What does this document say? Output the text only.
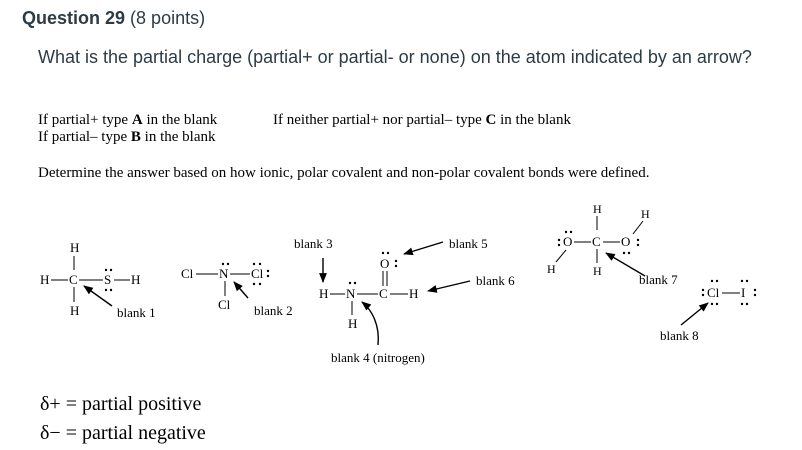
Question 29 (8 points)
What is the partial charge (partial+ or partial- or none) on the atom indicated by an arrow?
If partial+ type A in the blank
If partial– type B in the blank
If neither partial+ nor partial– type C in the blank
Determine the answer based on how ionic, polar covalent and non-polar covalent bonds were defined.
H
H C S H
H	blank 1
Cl N Cl
Cl blank 2
blank 3
O
H N C H
H
blank 4 (nitrogen)
blank 5
blank 6
H	H
O C O
H	H
blank 7
Cl I
blank 8
δ+ = partial positive
δ− = partial negative
